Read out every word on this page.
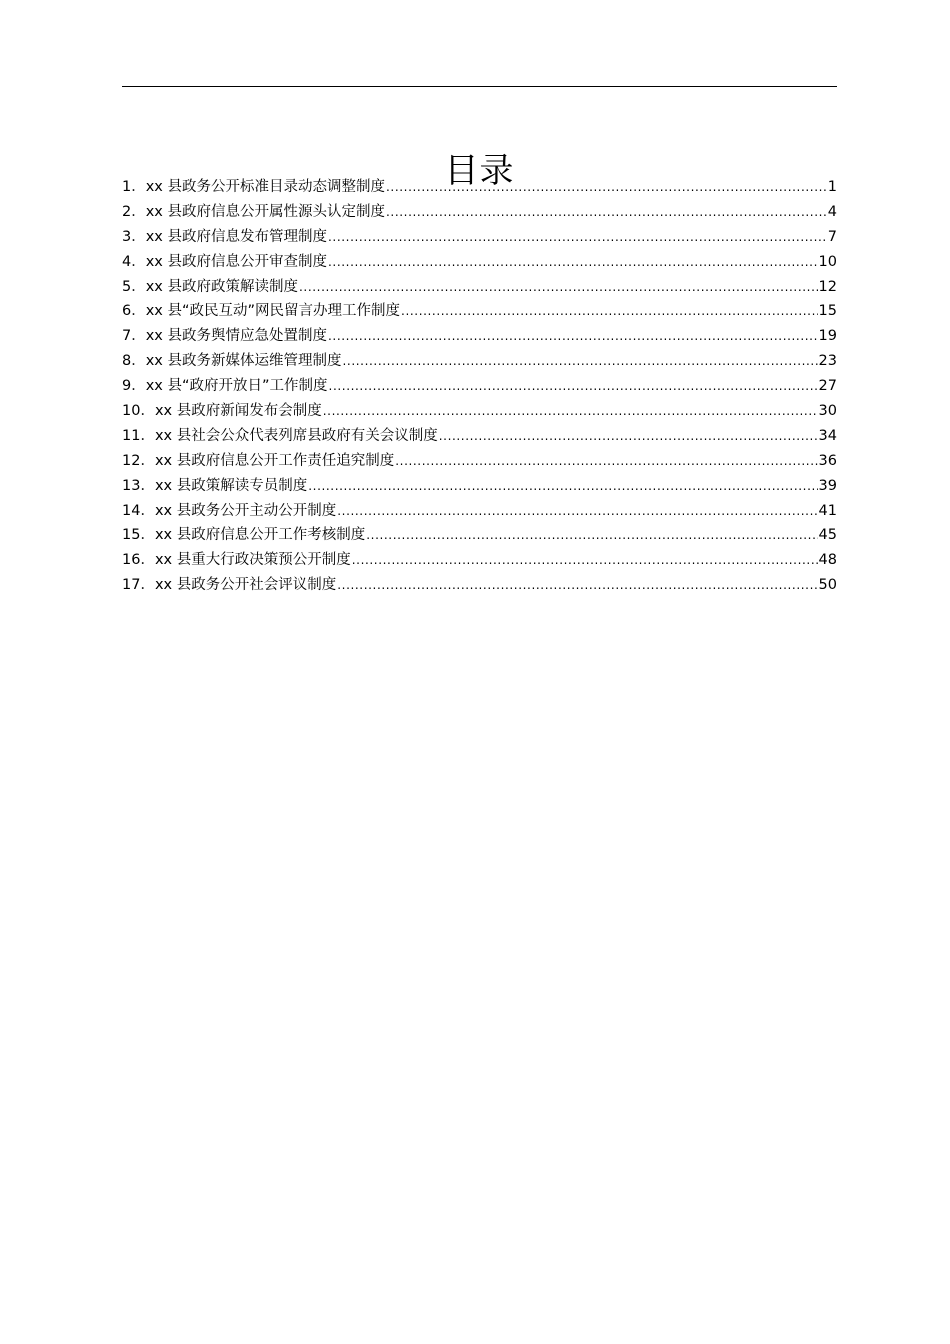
目录
1．xx 县政务公开标准目录动态调整制度 .....	1
2．xx 县政府信息公开属性源头认定制度 .....	4
3．xx 县政府信息发布管理制度 .....	7
4．xx 县政府信息公开审查制度 .....	10
5．xx 县政府政策解读制度 .....	12
6．xx 县“政民互动”网民留言办理工作制度 .....	15
7．xx 县政务舆情应急处置制度 .....	19
8．xx 县政务新媒体运维管理制度 .....	23
9．xx 县“政府开放日”工作制度 .....	27
10．xx 县政府新闻发布会制度 .....	30
11．xx 县社会公众代表列席县政府有关会议制度 .....	34
12．xx 县政府信息公开工作责任追究制度 .....	36
13．xx 县政策解读专员制度 .....	39
14．xx 县政务公开主动公开制度 .....	41
15．xx 县政府信息公开工作考核制度 .....	45
16．xx 县重大行政决策预公开制度 .....	48
17．xx 县政务公开社会评议制度 .....	50
